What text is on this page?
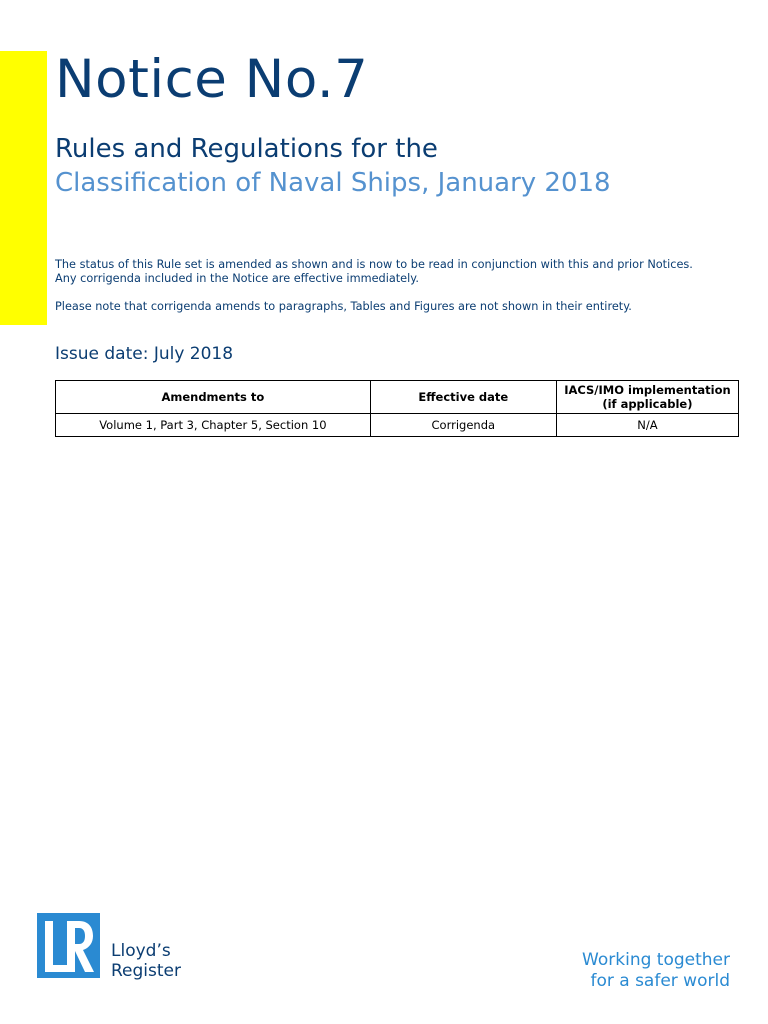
Notice No.7
Rules and Regulations for the
Classification of Naval Ships, January 2018
The status of this Rule set is amended as shown and is now to be read in conjunction with this and prior Notices.
Any corrigenda included in the Notice are effective immediately.
Please note that corrigenda amends to paragraphs, Tables and Figures are not shown in their entirety.
Issue date: July 2018
Amendments to	Effective date	IACS/IMO implementation
(if applicable)

Volume 1, Part 3, Chapter 5, Section 10	Corrigenda	N/A
Lloyd’s
Register
Working together
for a safer world
